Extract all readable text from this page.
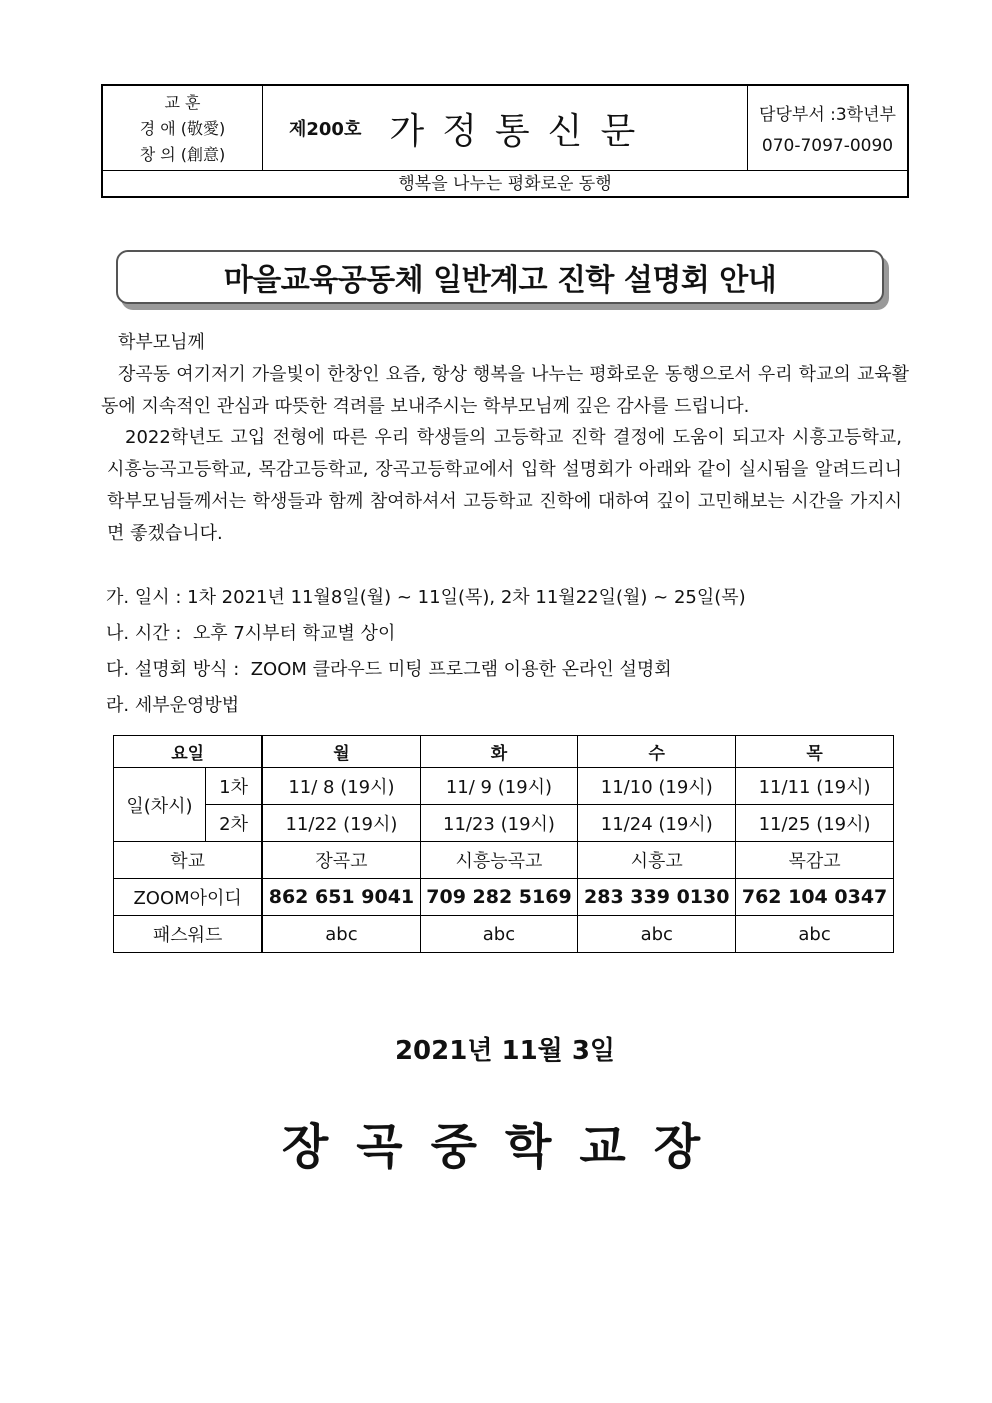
교 훈
경 애 (敬愛)
창 의 (創意)
제200호 가정통신문	담당부서 :3학년부
070-7097-0090
행복을 나누는 평화로운 동행
마을교육공동체 일반계고 진학 설명회 안내

학부모님께

장곡동 여기저기 가을빛이 한창인 요즘, 항상 행복을 나누는 평화로운 동행으로서 우리 학교의 교육활동에 지속적인 관심과 따뜻한 격려를 보내주시는 학부모님께 깊은 감사를 드립니다.

2022학년도 고입 전형에 따른 우리 학생들의 고등학교 진학 결정에 도움이 되고자 시흥고등학교, 시흥능곡고등학교, 목감고등학교, 장곡고등학교에서 입학 설명회가 아래와 같이 실시됨을 알려드리니 학부모님들께서는 학생들과 함께 참여하셔서 고등학교 진학에 대하여 깊이 고민해보는 시간을 가지시면 좋겠습니다.

가. 일시 : 1차 2021년 11월8일(월) ~ 11일(목), 2차 11월22일(월) ~ 25일(목)
나. 시간 :  오후 7시부터 학교별 상이
다. 설명회 방식 :  ZOOM 클라우드 미팅 프로그램 이용한 온라인 설명회
라. 세부운영방법
요일		월	화	수	목
일(차시)	1차	11/ 8 (19시)	11/ 9 (19시)	11/10 (19시)	11/11 (19시)
	2차	11/22 (19시)	11/23 (19시)	11/24 (19시)	11/25 (19시)
학교		장곡고	시흥능곡고	시흥고	목감고
ZOOM아이디		862 651 9041	709 282 5169	283 339 0130	762 104 0347
패스워드		abc	abc	abc	abc
2021년 11월 3일
장곡중학교장
